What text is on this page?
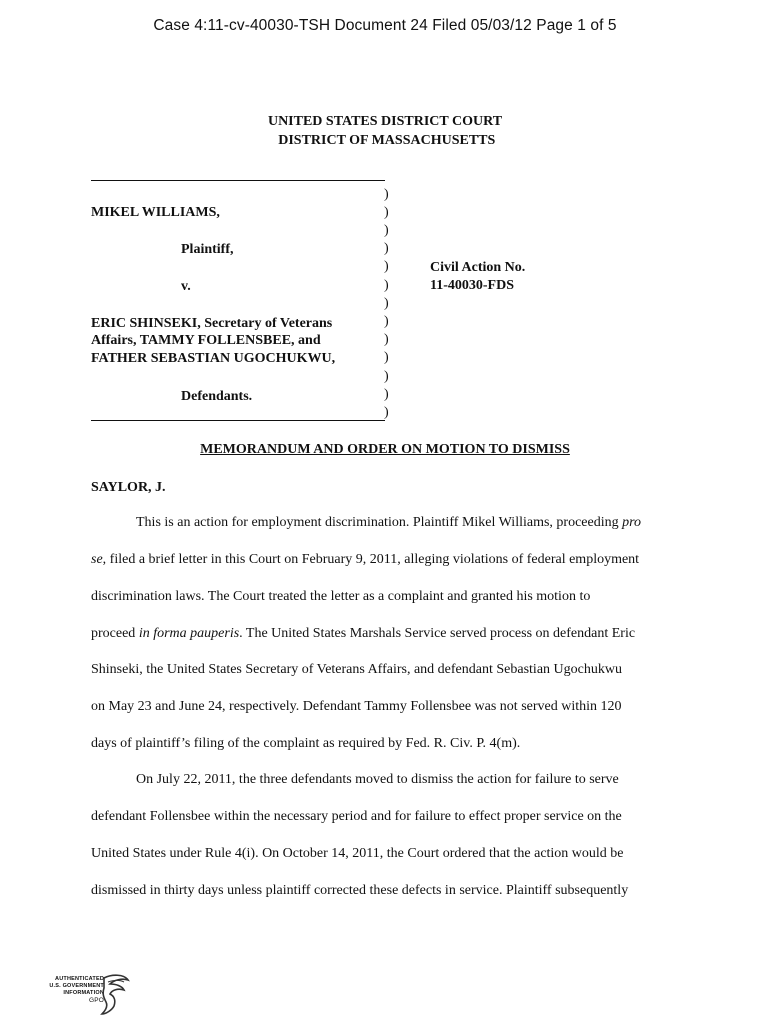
Case 4:11-cv-40030-TSH Document 24 Filed 05/03/12 Page 1 of 5
UNITED STATES DISTRICT COURT
DISTRICT OF MASSACHUSETTS
MIKEL WILLIAMS,
Plaintiff,
v.
ERIC SHINSEKI, Secretary of Veterans
Affairs, TAMMY FOLLENSBEE, and
FATHER SEBASTIAN UGOCHUKWU,
Defendants.
Civil Action No.
11-40030-FDS
)
)
)
)
)
)
)
)
)
)
)
)
)
MEMORANDUM AND ORDER ON MOTION TO DISMISS
SAYLOR, J.
This is an action for employment discrimination. Plaintiff Mikel Williams, proceeding pro
se, filed a brief letter in this Court on February 9, 2011, alleging violations of federal employment
discrimination laws. The Court treated the letter as a complaint and granted his motion to
proceed in forma pauperis. The United States Marshals Service served process on defendant Eric
Shinseki, the United States Secretary of Veterans Affairs, and defendant Sebastian Ugochukwu
on May 23 and June 24, respectively. Defendant Tammy Follensbee was not served within 120
days of plaintiff’s filing of the complaint as required by Fed. R. Civ. P. 4(m).
On July 22, 2011, the three defendants moved to dismiss the action for failure to serve
defendant Follensbee within the necessary period and for failure to effect proper service on the
United States under Rule 4(i). On October 14, 2011, the Court ordered that the action would be
dismissed in thirty days unless plaintiff corrected these defects in service. Plaintiff subsequently
AUTHENTICATED
U.S. GOVERNMENT
INFORMATION
GPO
